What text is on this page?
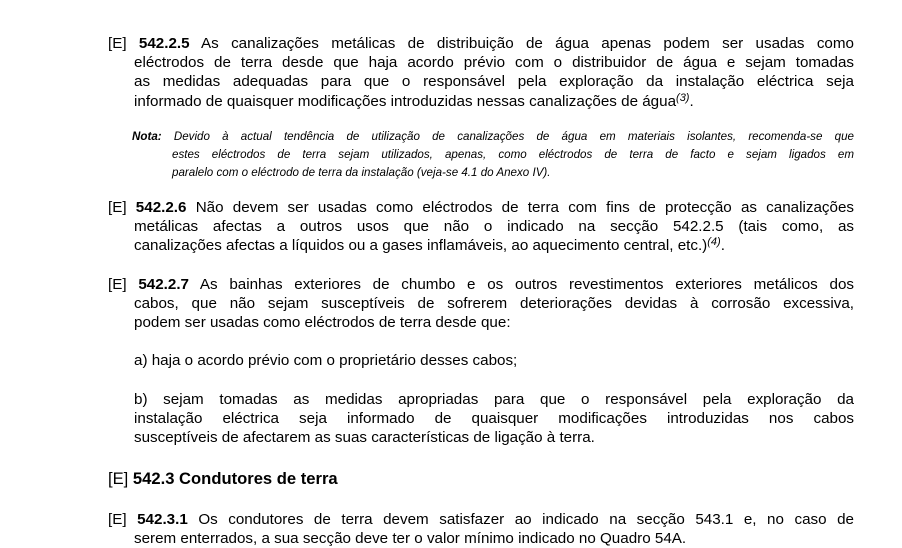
[E] 542.2.5 As canalizações metálicas de distribuição de água apenas podem ser usadas como
eléctrodos de terra desde que haja acordo prévio com o distribuidor de água e sejam tomadas
as medidas adequadas para que o responsável pela exploração da instalação eléctrica seja
informado de quaisquer modificações introduzidas nessas canalizações de água$^{(3)}$.
Nota: Devido à actual tendência de utilização de canalizações de água em materiais isolantes, recomenda-se que
estes eléctrodos de terra sejam utilizados, apenas, como eléctrodos de terra de facto e sejam ligados em
paralelo com o eléctrodo de terra da instalação (veja-se 4.1 do Anexo IV).
[E] 542.2.6 Não devem ser usadas como eléctrodos de terra com fins de protecção as canalizações
metálicas afectas a outros usos que não o indicado na secção 542.2.5 (tais como, as
canalizações afectas a líquidos ou a gases inflamáveis, ao aquecimento central, etc.)$^{(4)}$.
[E] 542.2.7 As bainhas exteriores de chumbo e os outros revestimentos exteriores metálicos dos
cabos, que não sejam susceptíveis de sofrerem deteriorações devidas à corrosão excessiva,
podem ser usadas como eléctrodos de terra desde que:
a) haja o acordo prévio com o proprietário desses cabos;
b) sejam tomadas as medidas apropriadas para que o responsável pela exploração da
instalação eléctrica seja informado de quaisquer modificações introduzidas nos cabos
susceptíveis de afectarem as suas características de ligação à terra.
[E] 542.3 Condutores de terra
[E] 542.3.1 Os condutores de terra devem satisfazer ao indicado na secção 543.1 e, no caso de
serem enterrados, a sua secção deve ter o valor mínimo indicado no Quadro 54A.
